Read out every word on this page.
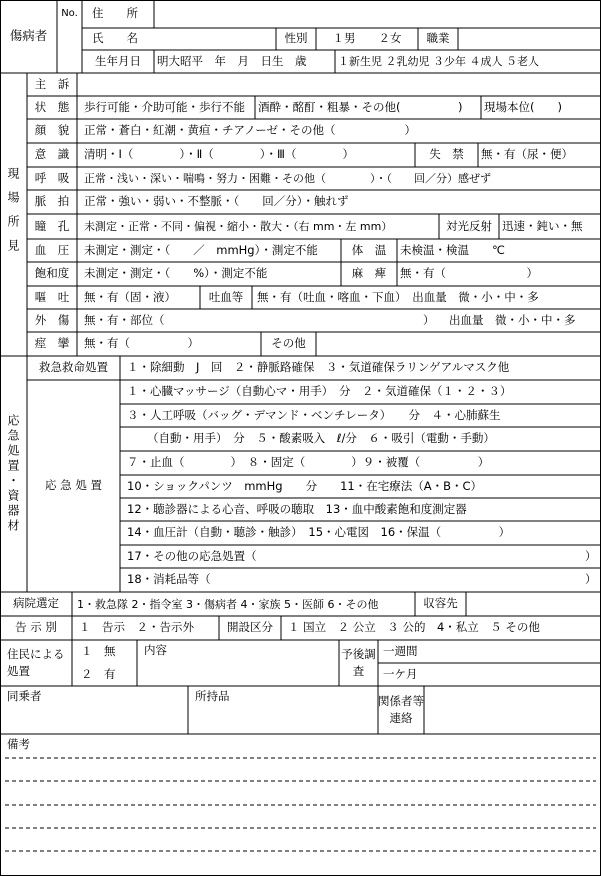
傷病者
No.	住　　所
氏　　名	性別	１男　　２女	職業
生年月日	明大昭平　年　月　日生　歳	１新生児 ２乳幼児 ３少年 ４成人 ５老人
現場所見
主　訴
状　態	歩行可能・介助可能・歩行不能	酒酔・酩酊・粗暴・その他(　　　　　)	現場本位(　　)
顔　貌	正常・蒼白・紅潮・黄疸・チアノーゼ・その他（　　　　　　）
意　識	清明・Ⅰ（　　　　）・Ⅱ（　　　　）・Ⅲ（　　　　）	失　禁	無・有（尿・便）
呼　吸	正常・浅い・深い・喘鳴・努力・困難・その他（　　　　）・（　　回／分）感ぜず
脈　拍	正常・強い・弱い・不整脈・（　　回／分）・触れず
瞳　孔	未測定・正常・不同・偏視・縮小・散大・（右 mm・左 mm）	対光反射 迅速・鈍い・無
血　圧	未測定・測定・（　　／　mmHg）・測定不能	体　温	未検温・検温　　℃
飽和度	未測定・測定・（　　%）・測定不能	麻　痺	無・有（　　　　　　　）
嘔　吐	無・有（固・液）	吐血等	無・有（吐血・喀血・下血）　出血量　微・小・中・多
外　傷	無・有・部位（	）	出血量　微・小・中・多
痙　攣	無・有（　　　　　）	その他
応急処置・資器材
救急救命処置	１・除細動　J　回　２・静脈路確保　３・気道確保ラリンゲアルマスク他
応 急 処 置
１・心臓マッサージ（自動心マ・用手）　分　２・気道確保（１・２・３）
３・人工呼吸（バッグ・デマンド・ベンチレータ）　　分　４・心肺蘇生
（自動・用手）　分　５・酸素吸入　ℓ/分　６・吸引（電動・手動）
７・止血（　　　　）　８・固定（　　　　）９・被覆（　　　　　）
10・ショックパンツ　mmHg　　分　　11・在宅療法（A・B・C）
12・聴診器による心音、呼吸の聴取　13・血中酸素飽和度測定器
14・血圧計（自動・聴診・触診）　15・心電図　16・保温（　　　　　）
17・その他の応急処置（	）
18・消耗品等（	）
病院選定	1・救急隊 2・指令室 3・傷病者 4・家族 5・医師 6・その他	収容先
告 示 別	１　告示　２・告示外	開設区分	１ 国立　２ 公立　３ 公的　4・私立　５ その他
住民による処置
１　無
２　有
内容	予後調査
一週間
一ケ月
同乗者	所持品	関係者等連絡
備考
